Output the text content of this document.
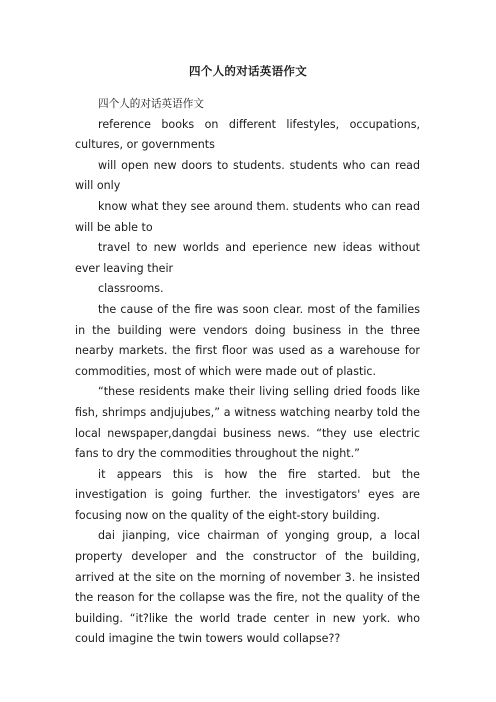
四个人的对话英语作文

四个人的对话英语作文

reference books on different lifestyles, occupations, cultures, or governments

will open new doors to students. students who can read will only

know what they see around them. students who can read will be able to

travel to new worlds and eperience new ideas without ever leaving their

classrooms.

the cause of the fire was soon clear. most of the families in the building were vendors doing business in the three nearby markets. the first floor was used as a warehouse for commodities, most of which were made out of plastic.

“these residents make their living selling dried foods like fish, shrimps andjujubes,” a witness watching nearby told the local newspaper,dangdai business news. “they use electric fans to dry the commodities throughout the night.”

it appears this is how the fire started. but the investigation is going further. the investigators' eyes are focusing now on the quality of the eight-story building.

dai jianping, vice chairman of yonging group, a local property developer and the constructor of the building, arrived at the site on the morning of november 3. he insisted the reason for the collapse was the fire, not the quality of the building. “it?like the world trade center in new york. who could imagine the twin towers would collapse??
